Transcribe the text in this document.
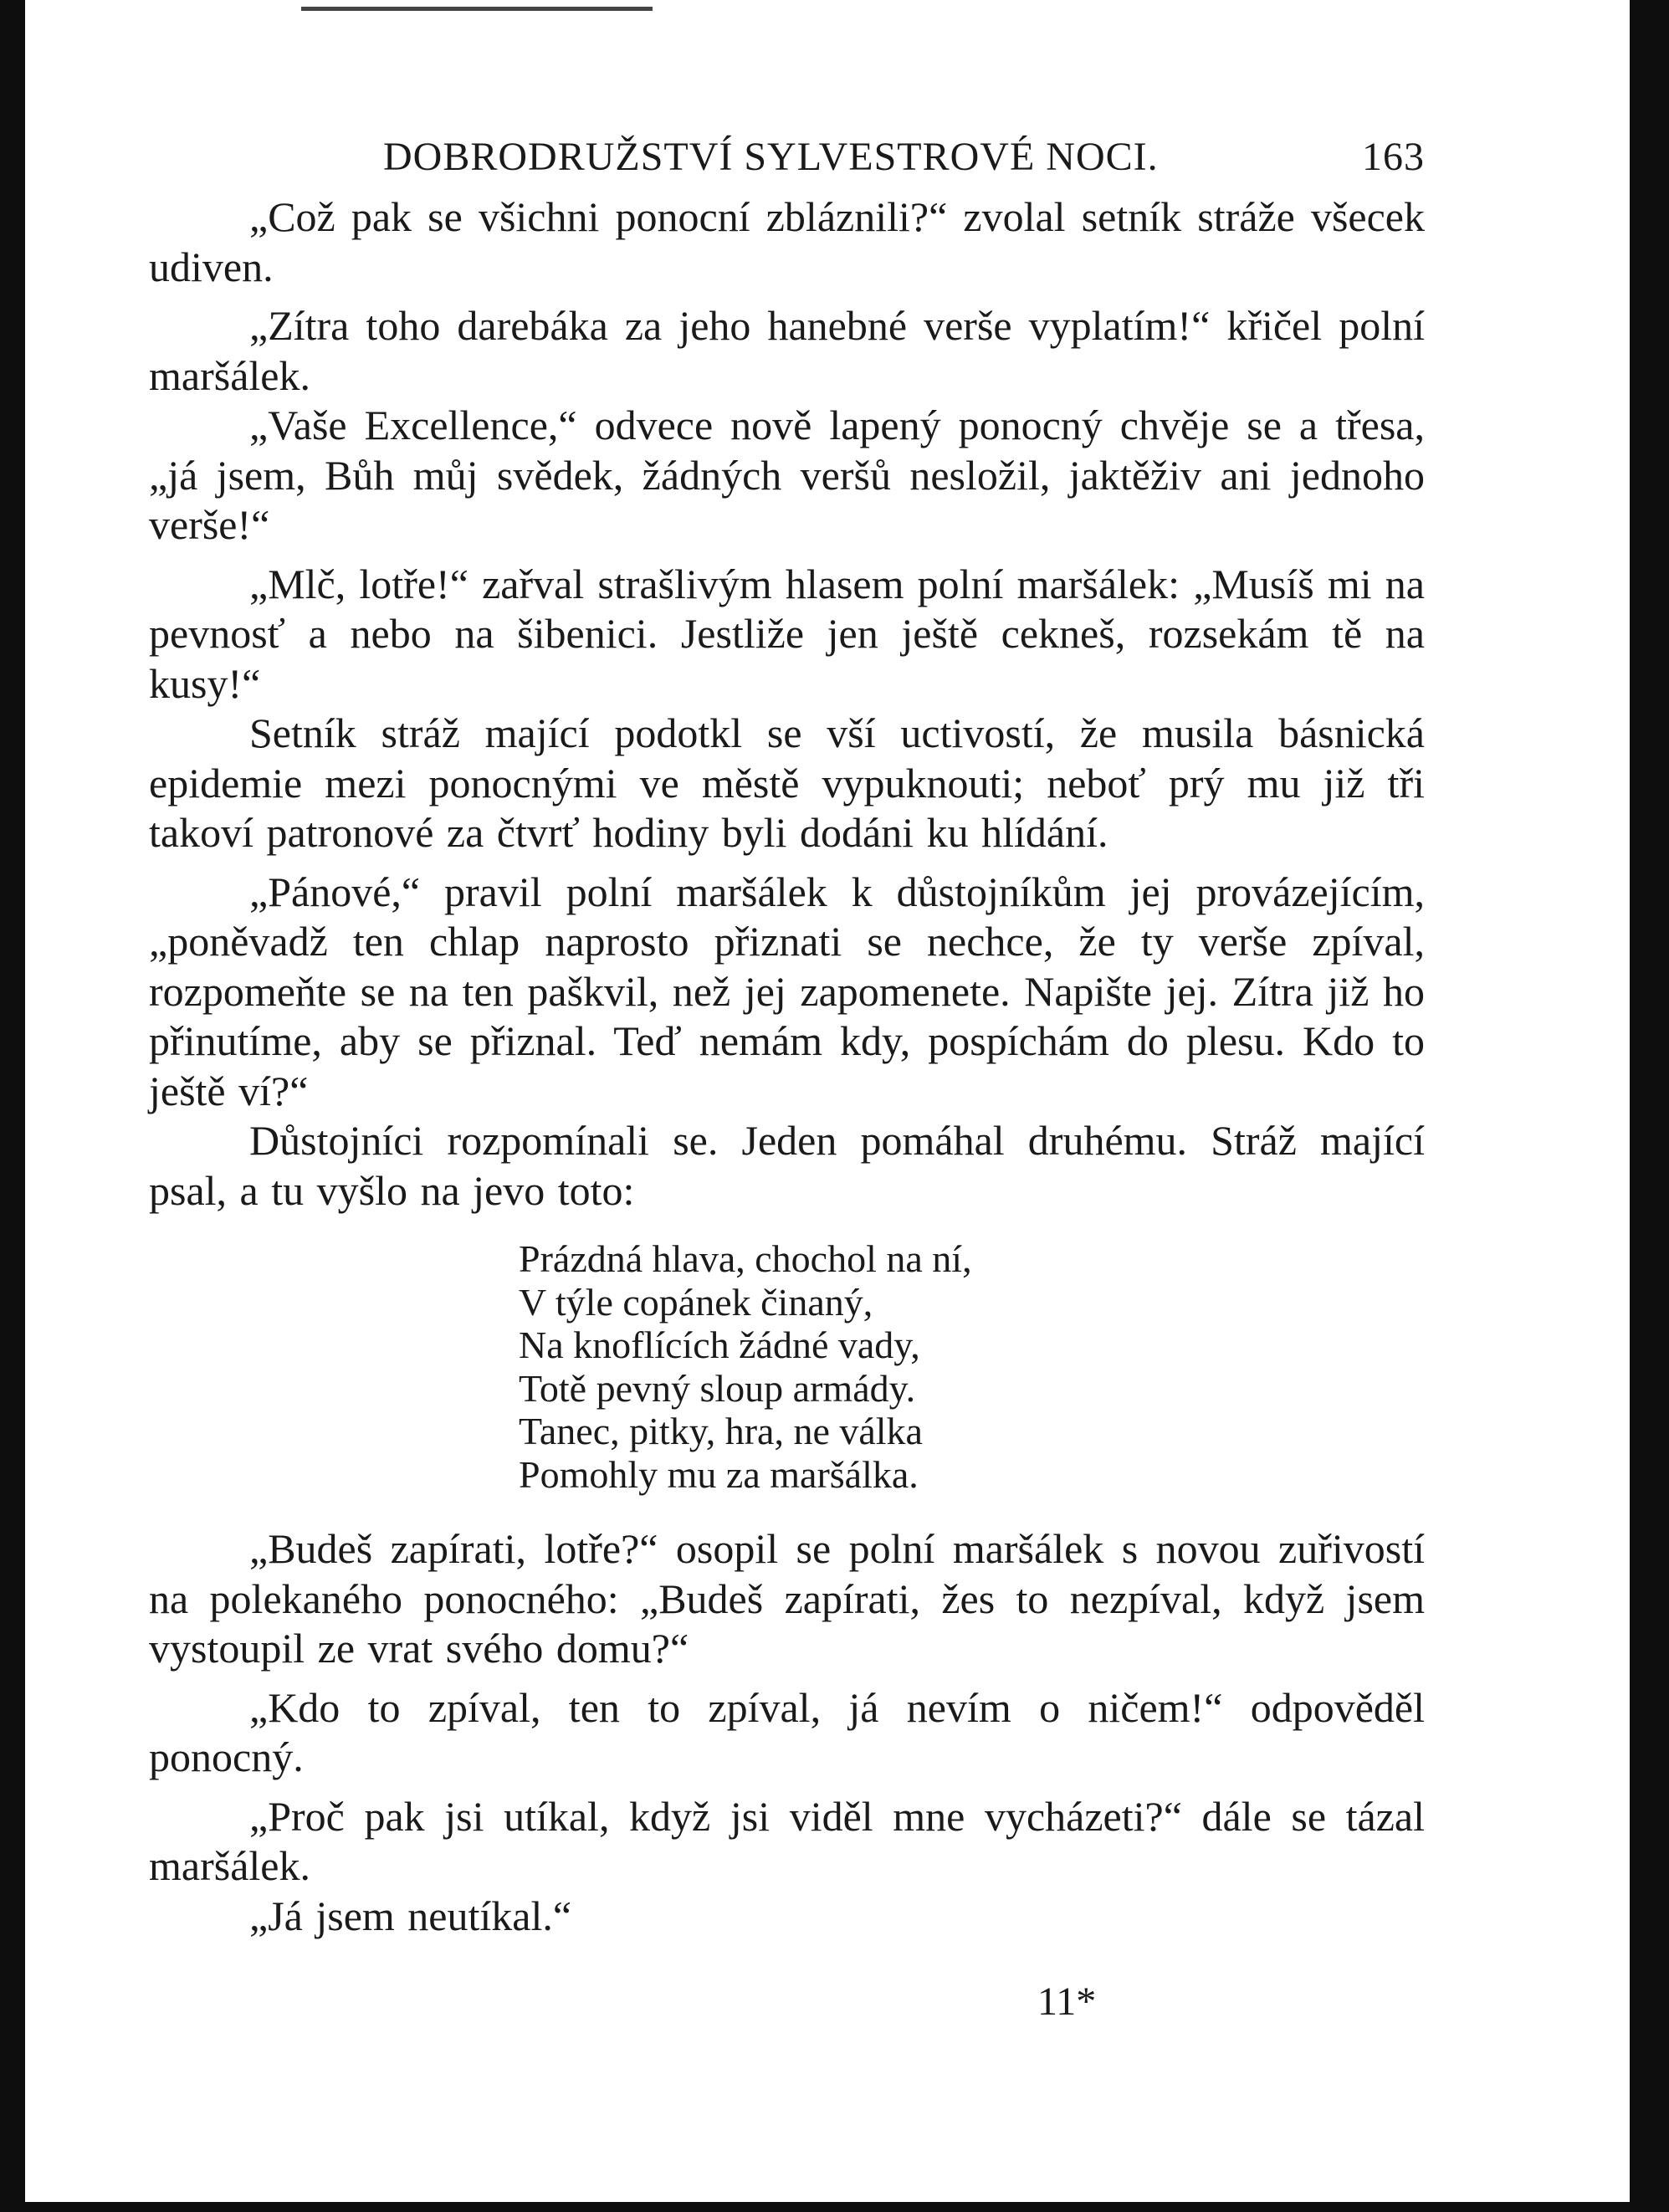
DOBRODRUŽSTVÍ SYLVESTROVÉ NOCI.	163

„Což pak se všichni ponocní zbláznili?“ zvolal setník stráže všecek udiven.

„Zítra toho darebáka za jeho hanebné verše vyplatím!“ křičel polní maršálek.

„Vaše Excellence,“ odvece nově lapený ponocný chvěje se a třesa, „já jsem, Bůh můj svědek, žádných veršů nesložil, jaktěživ ani jednoho verše!“

„Mlč, lotře!“ zařval strašlivým hlasem polní maršálek: „Musíš mi na pevnosť a nebo na šibenici. Jestliže jen ještě cekneš, rozsekám tě na kusy!“

Setník stráž mající podotkl se vší uctivostí, že musila básnická epidemie mezi ponocnými ve městě vypuknouti; neboť prý mu již tři takoví patronové za čtvrť hodiny byli dodáni ku hlídání.

„Pánové,“ pravil polní maršálek k důstojníkům jej provázejícím, „poněvadž ten chlap naprosto přiznati se nechce, že ty verše zpíval, rozpomeňte se na ten paškvil, než jej zapomenete. Napište jej. Zítra již ho přinutíme, aby se přiznal. Teď nemám kdy, pospíchám do plesu. Kdo to ještě ví?“

Důstojníci rozpomínali se. Jeden pomáhal druhému. Stráž mající psal, a tu vyšlo na jevo toto:

Prázdná hlava, chochol na ní,
V týle copánek činaný,
Na knoflících žádné vady,
Totě pevný sloup armády.
Tanec, pitky, hra, ne válka
Pomohly mu za maršálka.

„Budeš zapírati, lotře?“ osopil se polní maršálek s novou zuřivostí na polekaného ponocného: „Budeš zapírati, žes to nezpíval, když jsem vystoupil ze vrat svého domu?“

„Kdo to zpíval, ten to zpíval, já nevím o ničem!“ odpověděl ponocný.

„Proč pak jsi utíkal, když jsi viděl mne vycházeti?“ dále se tázal maršálek.

„Já jsem neutíkal.“

11*
